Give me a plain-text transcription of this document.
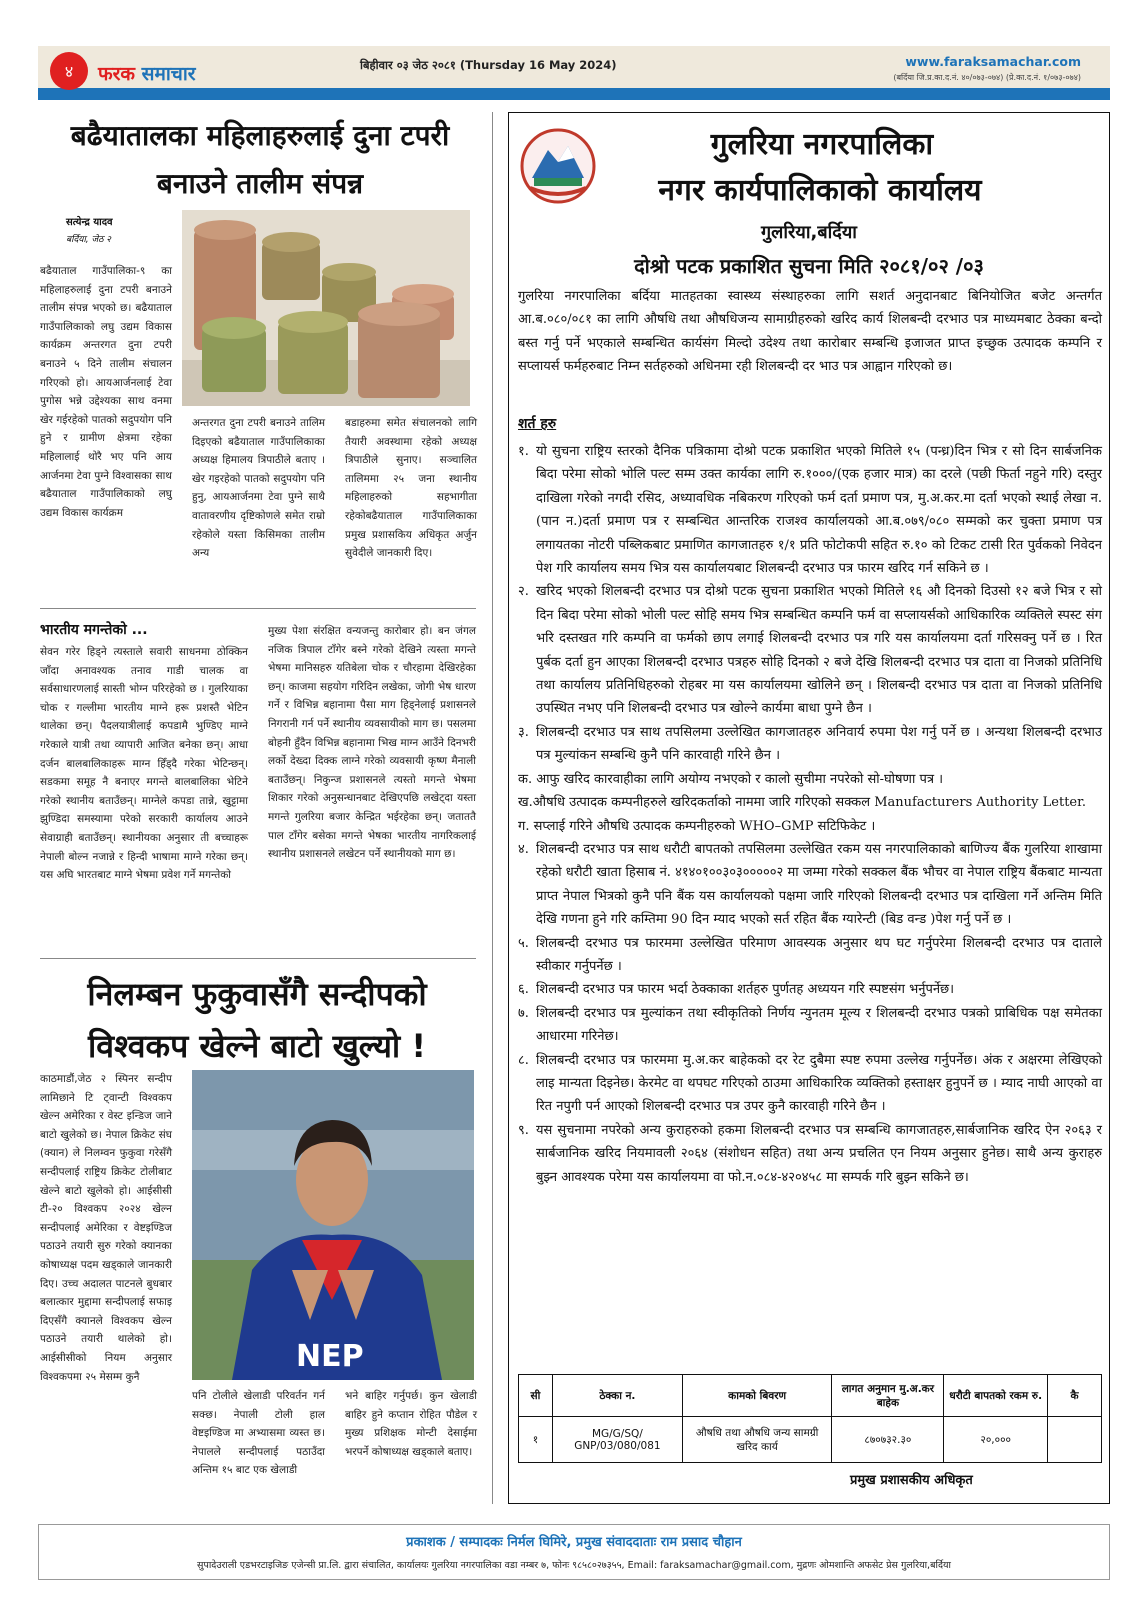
४	फरक समाचार	बिहीवार ०३ जेठ २०८१ (Thursday 16 May 2024)	www.faraksamachar.com
(बर्दिया जि.प्र.का.द.नं. ४०/०७३-०७४) (प्रे.का.द.नं. १/०७३-०७४)
बढैयातालका महिलाहरुलाई दुना टपरी बनाउने तालीम संपन्न
सत्येन्द्र यादव
बर्दिया, जेठ २
बढैयाताल गाउँपालिका-९ का महिलाहरुलाई दुना टपरी बनाउने तालीम संपन्न भएको छ। बढैयाताल गाउँपालिकाको लघु उद्यम विकास कार्यक्रम अन्तरगत दुना टपरी बनाउने ५ दिने तालीम संचालन गरिएको हो। आयआर्जनलाई टेवा पुगोस भन्ने उद्देश्यका साथ वनमा खेर गईरहेको पातको सदुपयोग पनि हुने र ग्रामीण क्षेत्रमा रहेका महिलालाई थोरै भए पनि आय आर्जनमा टेवा पुग्ने विश्वासका साथ बढैयाताल गाउँपालिकाको लघु उद्यम विकास कार्यक्रम
अन्तरगत दुना टपरी बनाउने तालिम दिइएको बढैयाताल गाउँपालिकाका अध्यक्ष हिमालय त्रिपाठीले बताए । खेर गइरहेको पातको सदुपयोग पनि हुनु, आयआर्जनमा टेवा पुग्ने साथै वातावरणीय दृष्टिकोणले समेत राम्रो रहेकोले यस्ता किसिमका तालीम अन्य
बडाहरुमा समेत संचालनको लागि तैयारी अवस्थामा रहेको अध्यक्ष त्रिपाठीले सुनाए। सञ्चालित तालिममा २५ जना स्थानीय महिलाहरुको सहभागीता रहेकोबढैयाताल गाउँपालिकाका प्रमुख प्रशासकिय अधिकृत अर्जुन सुवेदीले जानकारी दिए।
भारतीय मगन्तेको ...
सेवन गरेर हिड्ने त्यस्ताले सवारी साधनमा ठोक्किन जाँदा अनावश्यक तनाव गाडी चालक वा सर्वसाधारणलाई सास्ती भोग्न परिरहेको छ । गुलरियाका चोक र गल्लीमा भारतीय माग्ने हरू प्रशस्तै भेटिन थालेका छन्। पैदलयात्रीलाई कपडामै भुण्डिए माग्ने गरेकाले यात्री तथा व्यापारी आजित बनेका छन्। आधा दर्जन बालबालिकाहरू माग्न हिँड्दै गरेका भेटिन्छन्। सडकमा समूह नै बनाएर मगन्ते बालबालिका भेटिने गरेको स्थानीय बताउँछन्। माग्नेले कपडा तान्ने, खुट्टामा झुण्डिदा समस्यामा परेको सरकारी कार्यालय आउने सेवाग्राही बताउँछन्। स्थानीयका अनुसार ती बच्चाहरू नेपाली बोल्न नजान्ने र हिन्दी भाषामा माग्ने गरेका छन्। यस अघि भारतबाट माग्ने भेषमा प्रवेश गर्ने मगन्तेको
मुख्य पेशा संरक्षित वन्यजन्तु कारोबार हो। बन जंगल नजिक त्रिपाल टाँगेर बस्ने गरेको देखिने त्यस्ता मगन्ते भेषमा मानिसहरु यतिबेला चोक र चौरहामा देखिरहेका छन्। काजमा सहयोग गरिदिन लखेका, जोगी भेष धारण गर्ने र विभिन्न बहानामा पैसा माग हिड्नेलाई प्रशासनले निगरानी गर्न पर्ने स्थानीय व्यवसायीको माग छ। पसलमा बोहनी हुँदैन विभिन्न बहानामा भिख माग्न आउँने दिनभरी लर्को देख्दा दिक्क लाग्ने गरेको व्यवसायी कृष्ण मैनाली बताउँछन्। निकुन्ज प्रशासनले त्यस्तो मगन्ते भेषमा शिकार गरेको अनुसन्धानबाट देखिएपछि लखेट्दा यस्ता मगन्ते गुलरिया बजार केन्द्रित भईरहेका छन्। जताततै पाल टाँगेर बसेका मगन्ते भेषका भारतीय नागरिकलाई स्थानीय प्रशासनले लखेटन पर्ने स्थानीयको माग छ।
निलम्बन फुकुवासँगै सन्दीपको विश्वकप खेल्ने बाटो खुल्यो !
NEP
काठमाडौं,जेठ २ स्पिनर सन्दीप लामिछाने टि ट्वान्टी विश्वकप खेल्न अमेरिका र वेस्ट इन्डिज जाने बाटो खुलेको छ। नेपाल क्रिकेट संघ (क्यान) ले निलम्वन फुकुवा गरेसँगै सन्दीपलाई राष्ट्रिय क्रिकेट टोलीबाट खेल्ने बाटो खुलेको हो। आईसीसी टी-२० विश्वकप २०२४ खेल्न सन्दीपलाई अमेरिका र वेष्टइण्डिज पठाउने तयारी सुरु गरेको क्यानका कोषाध्यक्ष पदम खड्काले जानकारी दिए। उच्च अदालत पाटनले बुधबार बलात्कार मुद्दामा सन्दीपलाई सफाइ दिएसँगै क्यानले विश्वकप खेल्न पठाउने तयारी थालेको हो। आईसीसीको नियम अनुसार विश्वकपमा २५ मेसम्म कुनै
पनि टोलीले खेलाडी परिवर्तन गर्न सक्छ। नेपाली टोली हाल वेष्टइण्डिज मा अभ्यासमा व्यस्त छ। नेपालले सन्दीपलाई पठाउँदा अन्तिम १५ बाट एक खेलाडी
भने बाहिर गर्नुपर्छ। कुन खेलाडी बाहिर हुने कप्तान रोहित पौडेल र मुख्य प्रशिक्षक मोन्टी देसाईमा भरपर्ने कोषाध्यक्ष खड्काले बताए।
गुलरिया नगरपालिका
नगर कार्यपालिकाको कार्यालय
गुलरिया,बर्दिया
दोश्रो पटक प्रकाशित सुचना मिति २०८१/०२ /०३
गुलरिया नगरपालिका बर्दिया मातहतका स्वास्थ्य संस्थाहरुका लागि सशर्त अनुदानबाट बिनियोजित बजेट अन्तर्गत आ.ब.०८०/०८१ का लागि औषधि तथा औषधिजन्य सामाग्रीहरुको खरिद कार्य शिलबन्दी दरभाउ पत्र माध्यमबाट ठेक्का बन्दो बस्त गर्नु पर्ने भएकाले सम्बन्धित कार्यसंग मिल्दो उदेश्य तथा कारोबार सम्बन्धि इजाजत प्राप्त इच्छुक उत्पादक कम्पनि र सप्लायर्स फर्महरुबाट निम्न सर्तहरुको अधिनमा रही शिलबन्दी दर भाउ पत्र आह्वान गरिएको छ।
शर्त हरु
१. यो सुचना राष्ट्रिय स्तरको दैनिक पत्रिकामा दोश्रो पटक प्रकाशित भएको मितिले १५ (पन्ध्र)दिन भित्र र सो दिन सार्बजनिक बिदा परेमा सोको भोलि पल्ट सम्म उक्त कार्यका लागि रु.१०००/(एक हजार मात्र) का दरले (पछी फिर्ता नहुने गरि) दस्तुर दाखिला गरेको नगदी रसिद, अध्यावधिक नबिकरण गरिएको फर्म दर्ता प्रमाण पत्र, मु.अ.कर.मा दर्ता भएको स्थाई लेखा न.(पान न.)दर्ता प्रमाण पत्र र सम्बन्धित आन्तरिक राजश्व कार्यालयको आ.ब.०७९/०८० सम्मको कर चुक्ता प्रमाण पत्र लगायतका नोटरी पब्लिकबाट प्रमाणित कागजातहरु १/१ प्रति फोटोकपी सहित रु.१० को टिकट टासी रित पुर्वकको निवेदन पेश गरि कार्यालय समय भित्र यस कार्यालयबाट शिलबन्दी दरभाउ पत्र फारम खरिद गर्न सकिने छ ।
२. खरिद भएको शिलबन्दी दरभाउ पत्र दोश्रो पटक सुचना प्रकाशित भएको मितिले १६ औ दिनको दिउसो १२ बजे भित्र र सो दिन बिदा परेमा सोको भोली पल्ट सोहि समय भित्र सम्बन्धित कम्पनि फर्म वा सप्लायर्सको आधिकारिक व्यक्तिले स्पस्ट संग भरि दस्तखत गरि कम्पनि वा फर्मको छाप लगाई शिलबन्दी दरभाउ पत्र गरि यस कार्यालयमा दर्ता गरिसक्नु पर्ने छ । रित पुर्बक दर्ता हुन आएका शिलबन्दी दरभाउ पत्रहरु सोहि दिनको २ बजे देखि शिलबन्दी दरभाउ पत्र दाता वा निजको प्रतिनिधि तथा कार्यालय प्रतिनिधिहरुको रोहबर मा यस कार्यालयमा खोलिने छन् । शिलबन्दी दरभाउ पत्र दाता वा निजको प्रतिनिधि उपस्थित नभए पनि शिलबन्दी दरभाउ पत्र खोल्ने कार्यमा बाधा पुग्ने छैन ।
३. शिलबन्दी दरभाउ पत्र साथ तपसिलमा उल्लेखित कागजातहरु अनिवार्य रुपमा पेश गर्नु पर्ने छ । अन्यथा शिलबन्दी दरभाउ पत्र मुल्यांकन सम्बन्धि कुनै पनि कारवाही गरिने छैन ।
क. आफु खरिद कारवाहीका लागि अयोग्य नभएको र कालो सुचीमा नपरेको सो-घोषणा पत्र ।
ख.औषधि उत्पादक कम्पनीहरुले खरिदकर्ताको नाममा जारि गरिएको सक्कल Manufacturers Authority Letter.
ग. सप्लाई गरिने औषधि उत्पादक कम्पनीहरुको WHO–GMP सटिफिकेट ।
४. शिलबन्दी दरभाउ पत्र साथ धरौटी बापतको तपसिलमा उल्लेखित रकम यस नगरपालिकाको बाणिज्य बैंक गुलरिया शाखामा रहेको धरौटी खाता हिसाब नं. ४१४०१००३०३०००००२ मा जम्मा गरेको सक्कल बैंक भौचर वा नेपाल राष्ट्रिय बैंकबाट मान्यता प्राप्त नेपाल भित्रको कुनै पनि बैंक यस कार्यालयको पक्षमा जारि गरिएको शिलबन्दी दरभाउ पत्र दाखिला गर्ने अन्तिम मिति देखि गणना हुने गरि कम्तिमा 90 दिन म्याद भएको सर्त रहित बैंक ग्यारेन्टी (बिड वन्ड )पेश गर्नु पर्ने छ ।
५. शिलबन्दी दरभाउ पत्र फारममा उल्लेखित परिमाण आवस्यक अनुसार थप घट गर्नुपरेमा शिलबन्दी दरभाउ पत्र दाताले स्वीकार गर्नुपर्नेछ ।
६. शिलबन्दी दरभाउ पत्र फारम भर्दा ठेक्काका शर्तहरु पुर्णतह अध्ययन गरि स्पष्टसंग भर्नुपर्नेछ।
७. शिलबन्दी दरभाउ पत्र मुल्यांकन तथा स्वीकृतिको निर्णय न्युनतम मूल्य र शिलबन्दी दरभाउ पत्रको प्राबिधिक पक्ष समेतका आधारमा गरिनेछ।
८. शिलबन्दी दरभाउ पत्र फारममा मु.अ.कर बाहेकको दर रेट दुबैमा स्पष्ट रुपमा उल्लेख गर्नुपर्नेछ। अंक र अक्षरमा लेखिएको लाइ मान्यता दिइनेछ। केरमेट वा थपघट गरिएको ठाउमा आधिकारिक व्यक्तिको हस्ताक्षर हुनुपर्ने छ । म्याद नाघी आएको वा रित नपुगी पर्न आएको शिलबन्दी दरभाउ पत्र उपर कुनै कारवाही गरिने छैन ।
९. यस सुचनामा नपरेको अन्य कुराहरुको हकमा शिलबन्दी दरभाउ पत्र सम्बन्धि कागजातहरु,सार्बजानिक खरिद ऐन २०६३ र सार्बजानिक खरिद नियमावली २०६४ (संशोधन सहित) तथा अन्य प्रचलित एन नियम अनुसार हुनेछ। साथै अन्य कुराहरु बुझ्न आवश्यक परेमा यस कार्यालयमा वा फो.न.०८४-४२०४५८ मा सम्पर्क गरि बुझ्न सकिने छ।
सी	ठेक्का न.	कामको बिवरण	लागत अनुमान मु.अ.कर बाहेक	धरौटी बापतको रकम रु.	कै
१	MG/G/SQ/ GNP/03/080/081	औषधि तथा औषधि जन्य सामग्री खरिद कार्य	८७०७३२.३०	२०,०००	
प्रमुख प्रशासकीय अधिकृत
प्रकाशक / सम्पादकः निर्मल घिमिरे, प्रमुख संवाददाताः राम प्रसाद चौहान
सुपादेउराली एडभरटाइजिङ एजेन्सी प्रा.लि. द्वारा संचालित, कार्यालयः गुलरिया नगरपालिका वडा नम्बर ७, फोनः ९८५८०२७३५५, Email: faraksamachar@gmail.com, मुद्रणः ओमशान्ति अफसेट प्रेस गुलरिया,बर्दिया
